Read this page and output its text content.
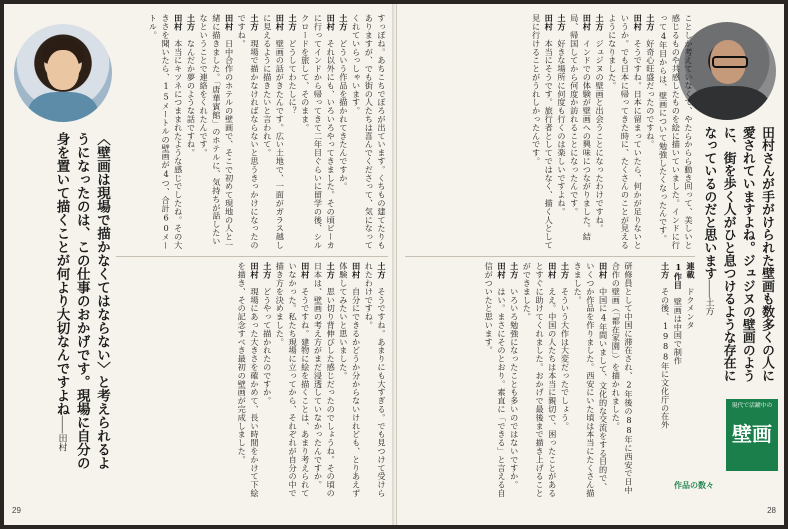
すっぽね。あちこちでぼろが出ています。くちもの建てたりもありますが、でも街の人たちは喜んでくださって、気になってくれていらっしゃいます。

土方　どういう作品を描かれてきたんですか。

田村　それ以外にも、いろいろやってきました。その頃ビーカに行ってインドから帰ってきて二年目ぐらいに留学の後、シルクロードを旅して、そのまま。

土方　どうしてわたしに？

田村　壁画の話がきたんです。広い土地で、一面がガラス越しに見えるように描きたいと言われて。

土方　現場で描かなければならないと思うきっかけになったのですね。

田村　日中合作のホテルの壁画で、そこで初めて現地の人と一緒に描きました。「唐華賓館」のホテルに、気持ちが話したいなということで連絡をくれたんです。

土方　なんだか夢のような話ですね。

田村　本当にキツネにつままれたような感じでしたね。その大きさを聞いたら、15メートルの壁画が4つ、合計60メートル。

土方　そうですね。あまりにも大すぎる。でも見つけて受けられたわけですね。

田村　自分にできるかどうか分からないけれども、とりあえず体験してみたいと思いました。

土方　思い切り背伸びした感じだったのでしょうね。その頃の日本は、壁画の考え方がまだ浸透していなかったんですか。

田村　そうですね。建物に絵を描くことは、あまり考えられていなかった。私たち現場に立ってから、それぞれが自分の中で描き方を決めました。

土方　どうやって描かれたのですか。

田村　現場にあった大きさを確かめて、長い時間をかけて下絵を描き、その記念すべき最初の壁画が完成しました。

〈壁画は現場で描かなくてはならない〉と考えられるようになったのは、この仕事のおかげです。現場に自分の身を置いて描くことが何より大切なんですよね――田村
29
田村さんが手がけられた壁画も数多くの人に愛されていますよね。ジュジヌの壁画のように、街を歩く人がひと息つけるような存在になっているのだと思います――土方

ことしか考えていなくて、やたらからら動き回って、美しいと感じるものや共感したものを絵に描いていました。インドに行って4年目からは、壁画について勉強したくなったんです。

土方　好奇心旺盛だったのですね。

田村　そうですね。日本に留まっていたら、何かが足りないというか。でも日本に帰ってきた時に、たくさんのことが見えるようになりました。

土方　ジュジヌの壁画と出会うことになったわけですね。

田村　インドでの体験が壁画への興味につながりました。結局、帰国してから何度か訪れることになったんです。

土方　好きな場所に何度も行くのは楽しいですよね。

田村　本当にそうです。旅行者としてではなく、描く人として見に行けることがうれしかったんです。

研修員として中国に滞在され、2年後の88年に西安で日中合作の壁画（「都在家園」）を描かれました。

田村　中国に4年間いまして、文化的な交流をする目的で、いくつか作品を作りました。西安にいた頃は本当にたくさん描きました。

土方　そういう大作は大変だったでしょう。

田村　ええ。中国の人たちは本当に親切で、困ったことがあるとすぐに助けてくれました。おかげで最後まで描き上げることができました。

土方　いろいろ勉強になったことも多いのではないですか。

田村　はい。まさにそのとおり。素直に「できる」と言える自信がついたと思います。	連載　ドクメンタ

1作目　壁画は中国で制作

土方　その後、1988年に文化庁の在外	現代で活躍中の
壁画
作品の数々
28
